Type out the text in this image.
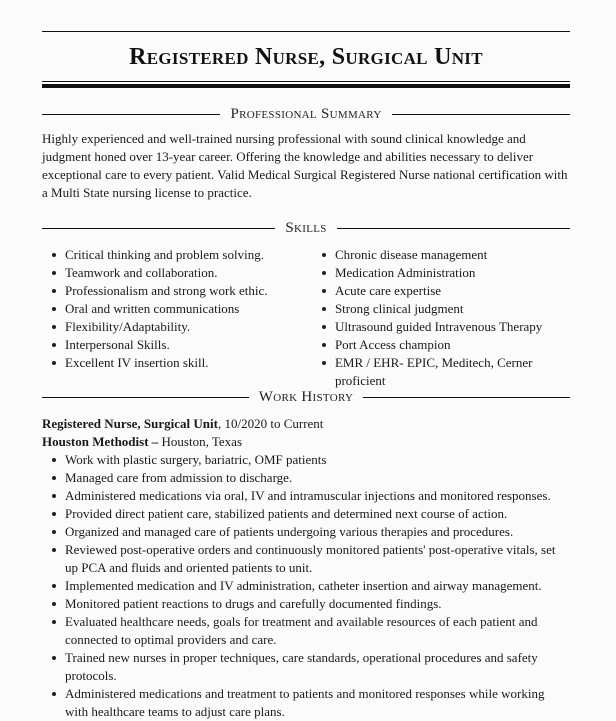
Registered Nurse, Surgical Unit
Professional Summary

Highly experienced and well-trained nursing professional with sound clinical knowledge and judgment honed over 13-year career. Offering the knowledge and abilities necessary to deliver exceptional care to every patient. Valid Medical Surgical Registered Nurse national certification with a Multi State nursing license to practice.

Skills
Critical thinking and problem solving.
Teamwork and collaboration.
Professionalism and strong work ethic.
Oral and written communications
Flexibility/Adaptability.
Interpersonal Skills.
Excellent IV insertion skill.
Chronic disease management
Medication Administration
Acute care expertise
Strong clinical judgment
Ultrasound guided Intravenous Therapy
Port Access champion
EMR / EHR- EPIC, Meditech, Cerner proficient
Work History
Registered Nurse, Surgical Unit, 10/2020 to Current
Houston Methodist – Houston, Texas
Work with plastic surgery, bariatric, OMF patients
Managed care from admission to discharge.
Administered medications via oral, IV and intramuscular injections and monitored responses.
Provided direct patient care, stabilized patients and determined next course of action.
Organized and managed care of patients undergoing various therapies and procedures.
Reviewed post-operative orders and continuously monitored patients' post-operative vitals, set up PCA and fluids and oriented patients to unit.
Implemented medication and IV administration, catheter insertion and airway management.
Monitored patient reactions to drugs and carefully documented findings.
Evaluated healthcare needs, goals for treatment and available resources of each patient and connected to optimal providers and care.
Trained new nurses in proper techniques, care standards, operational procedures and safety protocols.
Administered medications and treatment to patients and monitored responses while working with healthcare teams to adjust care plans.
